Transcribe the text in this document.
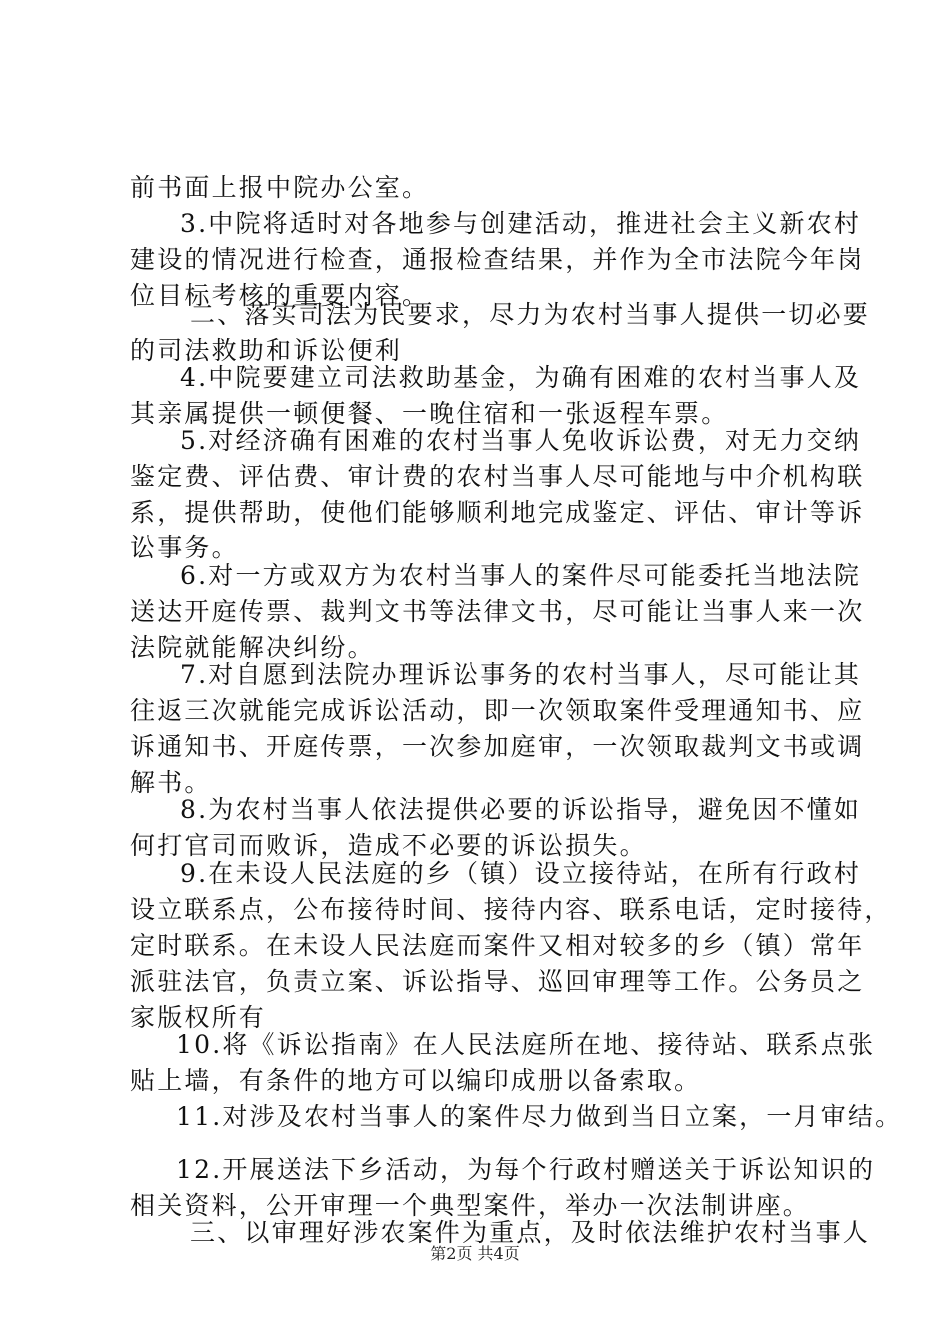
前书面上报中院办公室。
3.中院将适时对各地参与创建活动，推进社会主义新农村
建设的情况进行检查，通报检查结果，并作为全市法院今年岗
位目标考核的重要内容。
二、落实司法为民要求，尽力为农村当事人提供一切必要
的司法救助和诉讼便利
4.中院要建立司法救助基金，为确有困难的农村当事人及
其亲属提供一顿便餐、一晚住宿和一张返程车票。
5.对经济确有困难的农村当事人免收诉讼费，对无力交纳
鉴定费、评估费、审计费的农村当事人尽可能地与中介机构联
系，提供帮助，使他们能够顺利地完成鉴定、评估、审计等诉
讼事务。
6.对一方或双方为农村当事人的案件尽可能委托当地法院
送达开庭传票、裁判文书等法律文书，尽可能让当事人来一次
法院就能解决纠纷。
7.对自愿到法院办理诉讼事务的农村当事人，尽可能让其
往返三次就能完成诉讼活动，即一次领取案件受理通知书、应
诉通知书、开庭传票，一次参加庭审，一次领取裁判文书或调
解书。
8.为农村当事人依法提供必要的诉讼指导，避免因不懂如
何打官司而败诉，造成不必要的诉讼损失。
9.在未设人民法庭的乡（镇）设立接待站，在所有行政村
设立联系点，公布接待时间、接待内容、联系电话，定时接待，
定时联系。在未设人民法庭而案件又相对较多的乡（镇）常年
派驻法官，负责立案、诉讼指导、巡回审理等工作。公务员之
家版权所有
10.将《诉讼指南》在人民法庭所在地、接待站、联系点张
贴上墙，有条件的地方可以编印成册以备索取。
11.对涉及农村当事人的案件尽力做到当日立案，一月审结。
12.开展送法下乡活动，为每个行政村赠送关于诉讼知识的
相关资料，公开审理一个典型案件，举办一次法制讲座。
三、以审理好涉农案件为重点，及时依法维护农村当事人
第2页 共4页
